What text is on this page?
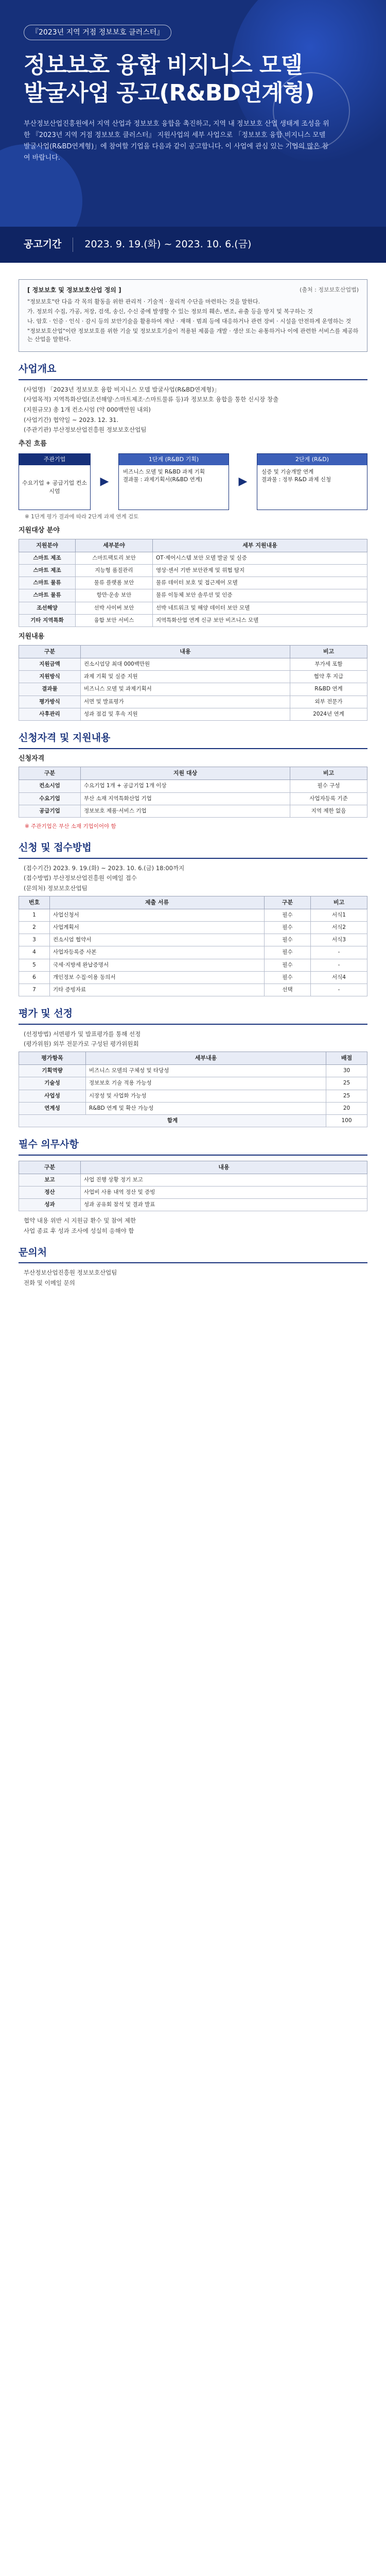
『2023년 지역 거점 정보보호 클러스터』
정보보호 융합 비지니스 모델
발굴사업 공고(R&BD연계형)
부산정보산업진흥원에서 지역 산업과 정보보호 융합을 촉진하고, 지역 내 정보보호 산업 생태계 조성을 위한 『2023년 지역 거점 정보보호 클러스터』 지원사업의 세부 사업으로 「정보보호 융합 비지니스 모델 발굴사업(R&BD연계형)」에 참여할 기업을 다음과 같이 공고합니다. 이 사업에 관심 있는 기업의 많은 참여 바랍니다.
공고기간	2023. 9. 19.(화) ~ 2023. 10. 6.(금)
[ 정보보호 및 정보보호산업 정의 ]	(출처 : 정보보호산업법)

"정보보호"란 다음 각 목의 활동을 위한 관리적 · 기술적 · 물리적 수단을 마련하는 것을 말한다.

가. 정보의 수집, 가공, 저장, 검색, 송신, 수신 중에 발생할 수 있는 정보의 훼손, 변조, 유출 등을 방지 및 복구하는 것

나. 암호 · 인증 · 인식 · 감시 등의 보안기술을 활용하여 재난 · 재해 · 범죄 등에 대응하거나 관련 장비 · 시설을 안전하게 운영하는 것

"정보보호산업"이란 정보보호를 위한 기술 및 정보보호기술이 적용된 제품을 개발 · 생산 또는 유통하거나 이에 관련한 서비스를 제공하는 산업을 말한다.

사업개요
(사업명) 「2023년 정보보호 융합 비지니스 모델 발굴사업(R&BD연계형)」
(사업목적) 지역특화산업(조선해양·스마트제조·스마트물류 등)과 정보보호 융합을 통한 신시장 창출
(지원규모) 총 1개 컨소시엄 (약 000백만원 내외)
(사업기간) 협약일 ~ 2023. 12. 31.
(주관기관) 부산정보산업진흥원 정보보호산업팀
추진 흐름
주관기업
수요기업 + 공급기업 컨소시엄
▶
1단계 (R&BD 기획)
비즈니스 모델 및 R&BD 과제 기획
결과물 : 과제기획서(R&BD 연계)	▶
2단계 (R&D)
실증 및 기술개발 연계
결과물 : 정부 R&D 과제 신청
※ 1단계 평가 결과에 따라 2단계 과제 연계 검토
지원대상 분야
지원분야	세부분야	세부 지원내용
스마트 제조	스마트팩토리 보안	OT·제어시스템 보안 모델 발굴 및 실증
스마트 제조	지능형 품질관리	영상·센서 기반 보안관제 및 위협 탐지
스마트 물류	물류 플랫폼 보안	물류 데이터 보호 및 접근제어 모델
스마트 물류	항만·운송 보안	물류 이동체 보안 솔루션 및 인증
조선해양	선박 사이버 보안	선박 네트워크 및 해양 데이터 보안 모델
기타 지역특화	융합 보안 서비스	지역특화산업 연계 신규 보안 비즈니스 모델
지원내용
구분	내용	비고
지원금액	컨소시엄당 최대 000백만원	부가세 포함
지원방식	과제 기획 및 실증 지원	협약 후 지급
결과물	비즈니스 모델 및 과제기획서	R&BD 연계
평가방식	서면 및 발표평가	외부 전문가
사후관리	성과 점검 및 후속 지원	2024년 연계
신청자격 및 지원내용
신청자격
구분	지원 대상	비고
컨소시엄	수요기업 1개 + 공급기업 1개 이상	필수 구성
수요기업	부산 소재 지역특화산업 기업	사업자등록 기준
공급기업	정보보호 제품·서비스 기업	지역 제한 없음
※ 주관기업은 부산 소재 기업이어야 함
신청 및 접수방법
(접수기간) 2023. 9. 19.(화) ~ 2023. 10. 6.(금) 18:00까지
(접수방법) 부산정보산업진흥원 이메일 접수
(문의처) 정보보호산업팀
번호	제출 서류	구분	비고
1	사업신청서	필수	서식1
2	사업계획서	필수	서식2
3	컨소시엄 협약서	필수	서식3
4	사업자등록증 사본	필수	-
5	국세·지방세 완납증명서	필수	-
6	개인정보 수집·이용 동의서	필수	서식4
7	기타 증빙자료	선택	-
평가 및 선정
(선정방법) 서면평가 및 발표평가를 통해 선정
(평가위원) 외부 전문가로 구성된 평가위원회
평가항목	세부내용	배점
기획역량	비즈니스 모델의 구체성 및 타당성	30
기술성	정보보호 기술 적용 가능성	25
사업성	시장성 및 사업화 가능성	25
연계성	R&BD 연계 및 확산 가능성	20
합계		100
필수 의무사항
구분	내용
보고	사업 진행 상황 정기 보고
정산	사업비 사용 내역 정산 및 증빙
성과	성과 공유회 참석 및 결과 발표
협약 내용 위반 시 지원금 환수 및 참여 제한
사업 종료 후 성과 조사에 성실히 응해야 함
문의처
부산정보산업진흥원 정보보호산업팀
전화 및 이메일 문의
